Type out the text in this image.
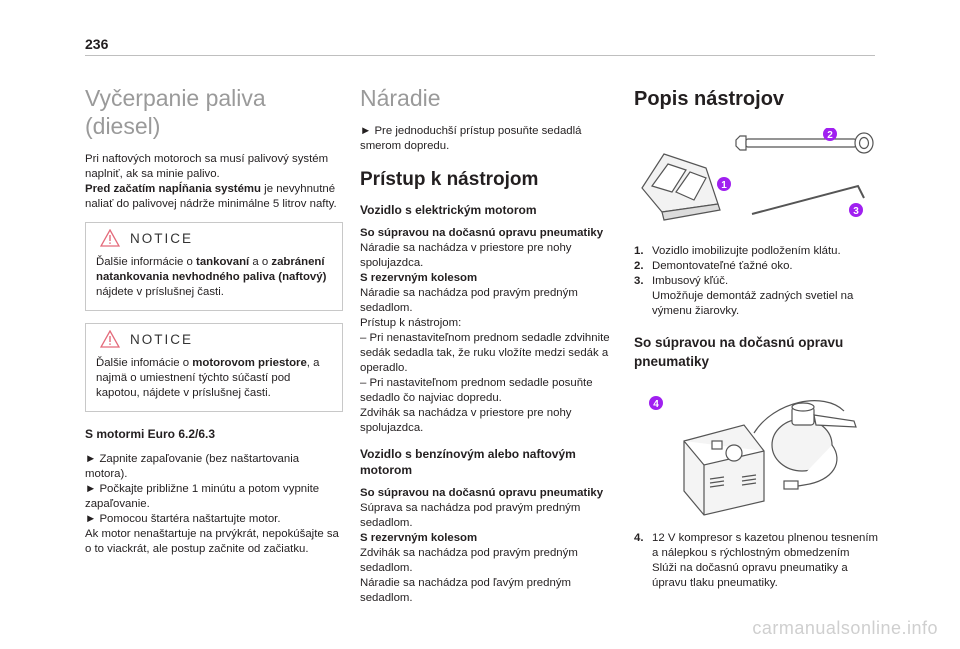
236
Vyčerpanie paliva (diesel)

Pri naftových motoroch sa musí palivový systém naplniť, ak sa minie palivo.

Pred začatím napĺňania systému je nevyhnutné naliať do palivovej nádrže minimálne 5 litrov nafty.

NOTICE

Ďalšie informácie o tankovaní a o zabránení natankovania nevhodného paliva (naftový) nájdete v príslušnej časti.

NOTICE

Ďalšie infomácie o motorovom priestore, a najmä o umiestnení týchto súčastí pod kapotou, nájdete v príslušnej časti.

S motormi Euro 6.2/6.3

► Zapnite zapaľovanie (bez naštartovania motora).

► Počkajte približne 1 minútu a potom vypnite zapaľovanie.

► Pomocou štartéra naštartujte motor.

Ak motor nenaštartuje na prvýkrát, nepokúšajte sa o to viackrát, ale postup začnite od začiatku.

Náradie

► Pre jednoduchší prístup posuňte sedadlá smerom dopredu.

Prístup k nástrojom
Vozidlo s elektrickým motorom
So súpravou na dočasnú opravu pneumatiky

Náradie sa nachádza v priestore pre nohy spolujazdca.

S rezervným kolesom

Náradie sa nachádza pod pravým predným sedadlom.

Prístup k nástrojom:

– Pri nenastaviteľnom prednom sedadle zdvihnite sedák sedadla tak, že ruku vložíte medzi sedák a operadlo.

– Pri nastaviteľnom prednom sedadle posuňte sedadlo čo najviac dopredu.

Zdvihák sa nachádza v priestore pre nohy spolujazdca.

Vozidlo s benzínovým alebo naftovým motorom
So súpravou na dočasnú opravu pneumatiky

Súprava sa nachádza pod pravým predným sedadlom.

S rezervným kolesom

Zdvihák sa nachádza pod pravým predným sedadlom.

Náradie sa nachádza pod ľavým predným sedadlom.

Popis nástrojov
1
2
3
1. Vozidlo imobilizujte podložením klátu.
2. Demontovateľné ťažné oko.
3. Imbusový kľúč.

Umožňuje demontáž zadných svetiel na výmenu žiarovky.

So súpravou na dočasnú opravu pneumatiky
4
4. 12 V kompresor s kazetou plnenou tesnením a nálepkou s rýchlostným obmedzením

Slúži na dočasnú opravu pneumatiky a úpravu tlaku pneumatiky.

carmanualsonline.info
